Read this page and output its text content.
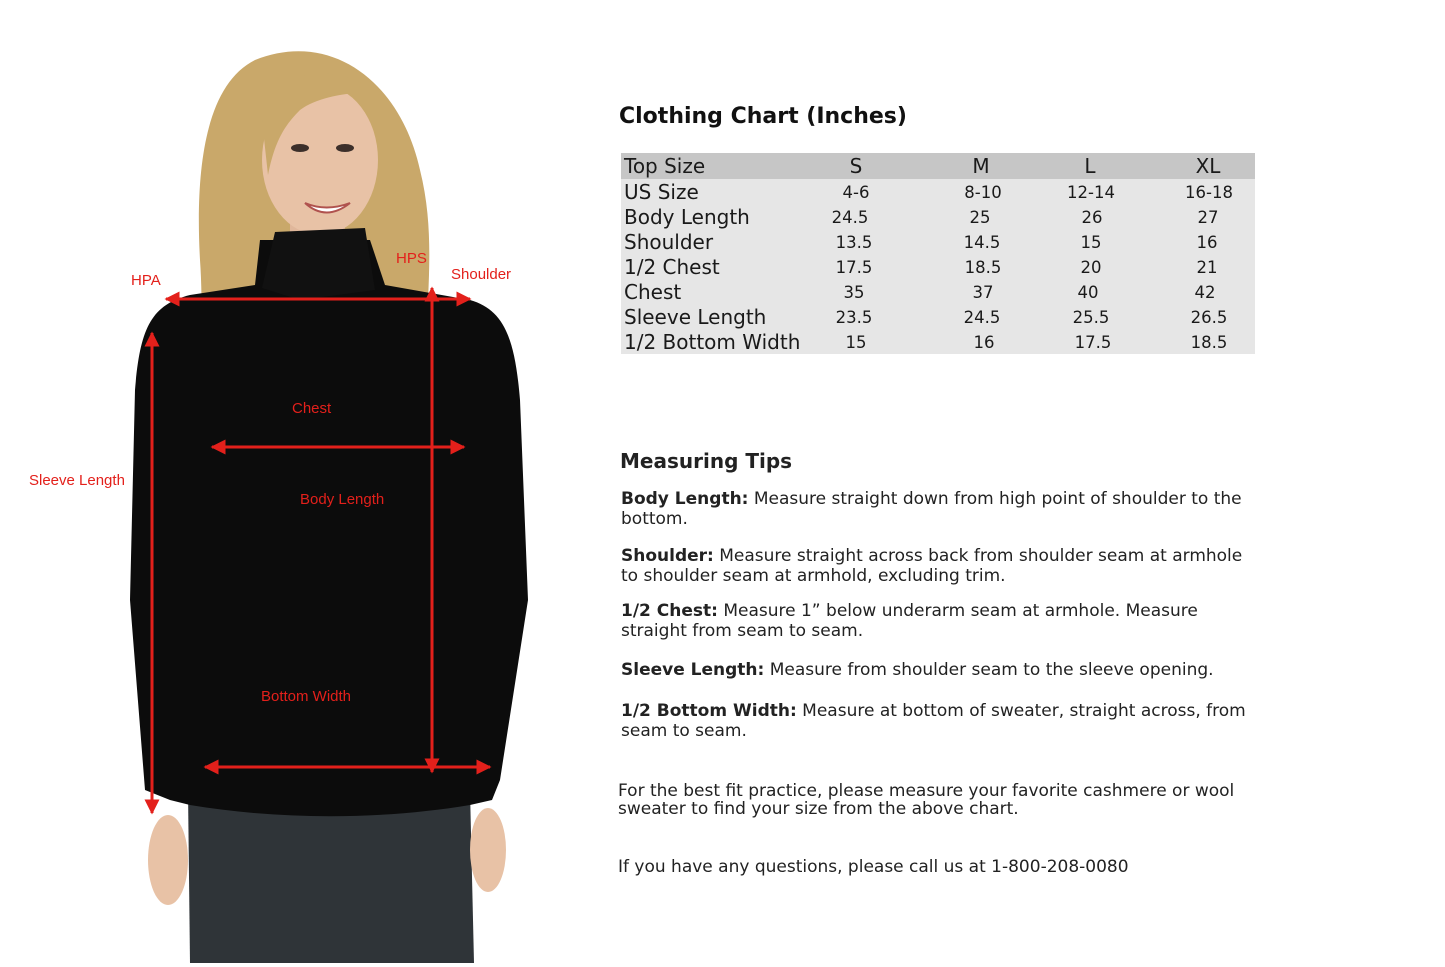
HPA
HPS
Shoulder
Chest
Sleeve Length
Body Length
Bottom Width
Clothing Chart (Inches)
Top Size	S	M	L	XL
US Size	4-6	8-10	12-14	16-18
Body Length	24.5	25	26	27
Shoulder	13.5	14.5	15	16
1/2 Chest	17.5	18.5	20	21
Chest	35	37	40	42
Sleeve Length	23.5	24.5	25.5	26.5
1/2 Bottom Width	15	16	17.5	18.5
Measuring Tips
Body Length: Measure straight down from high point of shoulder to the bottom.
Shoulder: Measure straight across back from shoulder seam at armhole to shoulder seam at armhold, excluding trim.
1/2 Chest: Measure 1” below underarm seam at armhole. Measure straight from seam to seam.
Sleeve Length: Measure from shoulder seam to the sleeve opening.
1/2 Bottom Width: Measure at bottom of sweater, straight across, from seam to seam.
For the best fit practice, please measure your favorite cashmere or wool sweater to find your size from the above chart.
If you have any questions, please call us at 1-800-208-0080
